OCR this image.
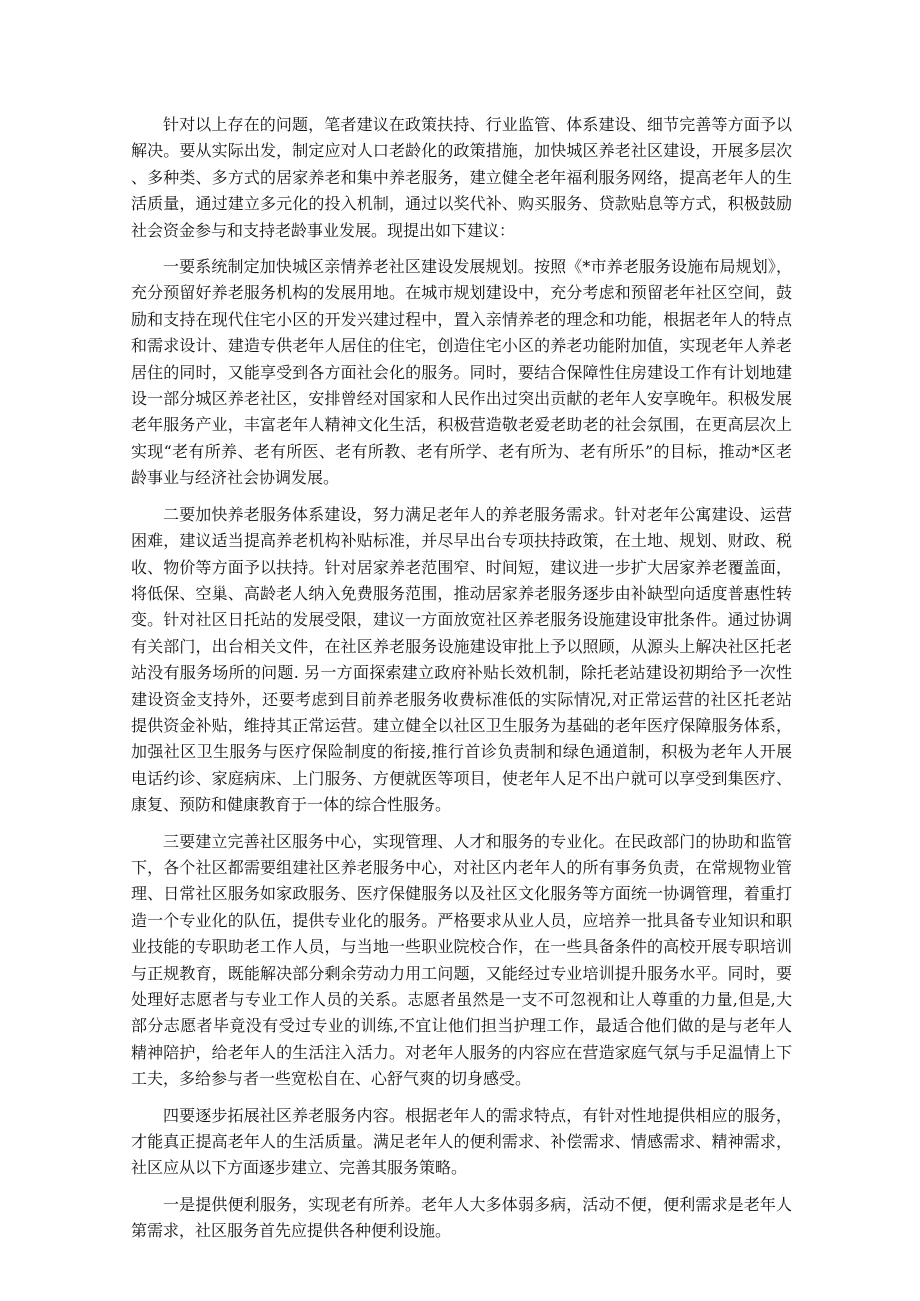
针对以上存在的问题，笔者建议在政策扶持、行业监管、体系建设、细节完善等方面予以解决。要从实际出发，制定应对人口老龄化的政策措施，加快城区养老社区建设，开展多层次、多种类、多方式的居家养老和集中养老服务，建立健全老年福利服务网络，提高老年人的生活质量，通过建立多元化的投入机制，通过以奖代补、购买服务、贷款贴息等方式，积极鼓励社会资金参与和支持老龄事业发展。现提出如下建议：

一要系统制定加快城区亲情养老社区建设发展规划。按照《*市养老服务设施布局规划》，充分预留好养老服务机构的发展用地。在城市规划建设中，充分考虑和预留老年社区空间，鼓励和支持在现代住宅小区的开发兴建过程中，置入亲情养老的理念和功能，根据老年人的特点和需求设计、建造专供老年人居住的住宅，创造住宅小区的养老功能附加值，实现老年人养老居住的同时，又能享受到各方面社会化的服务。同时，要结合保障性住房建设工作有计划地建设一部分城区养老社区，安排曾经对国家和人民作出过突出贡献的老年人安享晚年。积极发展老年服务产业，丰富老年人精神文化生活，积极营造敬老爱老助老的社会氛围，在更高层次上实现“老有所养、老有所医、老有所教、老有所学、老有所为、老有所乐”的目标，推动*区老龄事业与经济社会协调发展。

二要加快养老服务体系建设，努力满足老年人的养老服务需求。针对老年公寓建设、运营困难，建议适当提高养老机构补贴标准，并尽早出台专项扶持政策，在土地、规划、财政、税收、物价等方面予以扶持。针对居家养老范围窄、时间短，建议进一步扩大居家养老覆盖面，将低保、空巢、高龄老人纳入免费服务范围，推动居家养老服务逐步由补缺型向适度普惠性转变。针对社区日托站的发展受限，建议一方面放宽社区养老服务设施建设审批条件。通过协调有关部门，出台相关文件，在社区养老服务设施建设审批上予以照顾，从源头上解决社区托老站没有服务场所的问题. 另一方面探索建立政府补贴长效机制，除托老站建设初期给予一次性建设资金支持外，还要考虑到目前养老服务收费标准低的实际情况,对正常运营的社区托老站提供资金补贴，维持其正常运营。建立健全以社区卫生服务为基础的老年医疗保障服务体系，加强社区卫生服务与医疗保险制度的衔接,推行首诊负责制和绿色通道制，积极为老年人开展电话约诊、家庭病床、上门服务、方便就医等项目，使老年人足不出户就可以享受到集医疗、康复、预防和健康教育于一体的综合性服务。

三要建立完善社区服务中心，实现管理、人才和服务的专业化。在民政部门的协助和监管下，各个社区都需要组建社区养老服务中心，对社区内老年人的所有事务负责，在常规物业管理、日常社区服务如家政服务、医疗保健服务以及社区文化服务等方面统一协调管理，着重打造一个专业化的队伍，提供专业化的服务。严格要求从业人员，应培养一批具备专业知识和职业技能的专职助老工作人员，与当地一些职业院校合作，在一些具备条件的高校开展专职培训与正规教育，既能解决部分剩余劳动力用工问题，又能经过专业培训提升服务水平。同时，要处理好志愿者与专业工作人员的关系。志愿者虽然是一支不可忽视和让人尊重的力量,但是,大部分志愿者毕竟没有受过专业的训练,不宜让他们担当护理工作，最适合他们做的是与老年人精神陪护，给老年人的生活注入活力。对老年人服务的内容应在营造家庭气氛与手足温情上下工夫，多给参与者一些宽松自在、心舒气爽的切身感受。

四要逐步拓展社区养老服务内容。根据老年人的需求特点，有针对性地提供相应的服务，才能真正提高老年人的生活质量。满足老年人的便利需求、补偿需求、情感需求、精神需求，社区应从以下方面逐步建立、完善其服务策略。

一是提供便利服务，实现老有所养。老年人大多体弱多病，活动不便，便利需求是老年人第需求，社区服务首先应提供各种便利设施。
